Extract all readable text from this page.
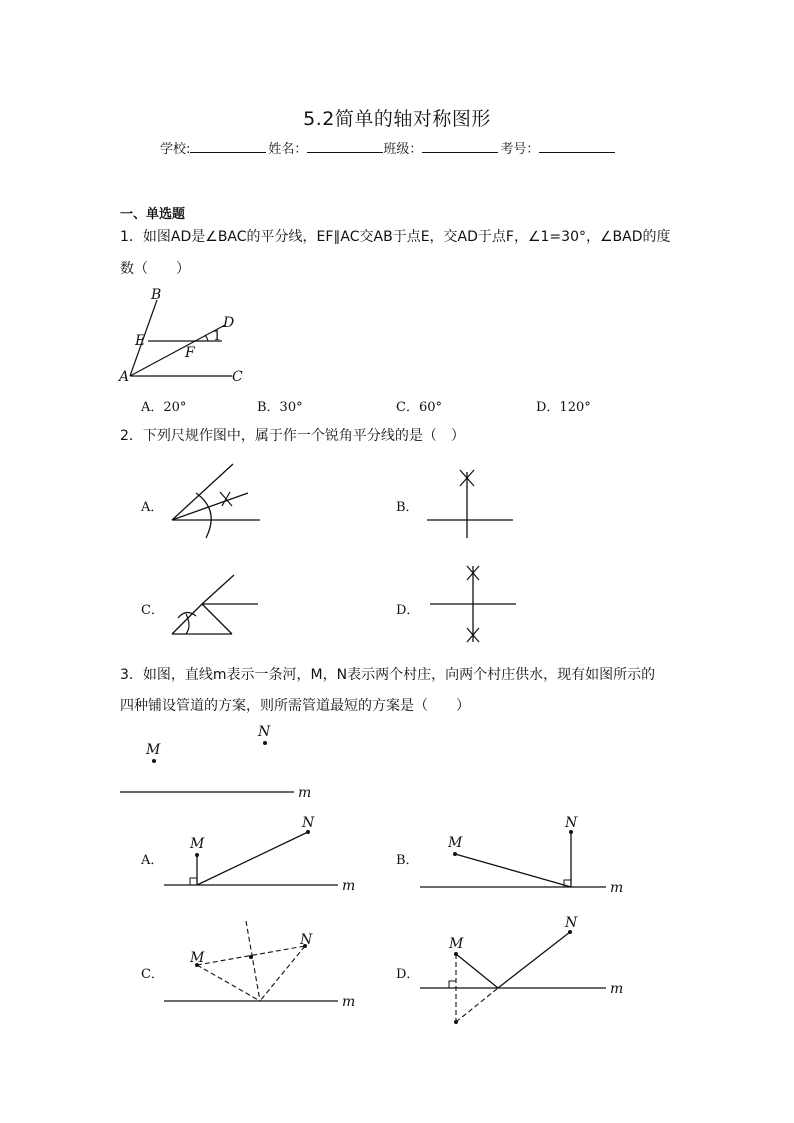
5.2简单的轴对称图形
学校:	姓名：	班级：	考号：
一、单选题
1．如图AD是∠BAC的平分线，EF∥AC交AB于点E，交AD于点F，∠1=30°，∠BAD的度
数（　　）
B
D
E
F
1
A	C
A．20°	B．30°	C．60°	D．120°
2．下列尺规作图中，属于作一个锐角平分线的是（　）
A．	B．
C．	D．
3．如图，直线m表示一条河，M，N表示两个村庄，向两个村庄供水，现有如图所示的
四种铺设管道的方案，则所需管道最短的方案是（　　）
M
N
m
A．
M
N
m
B．
M
N
m
C．
M
N
m
D．
M
N
m
